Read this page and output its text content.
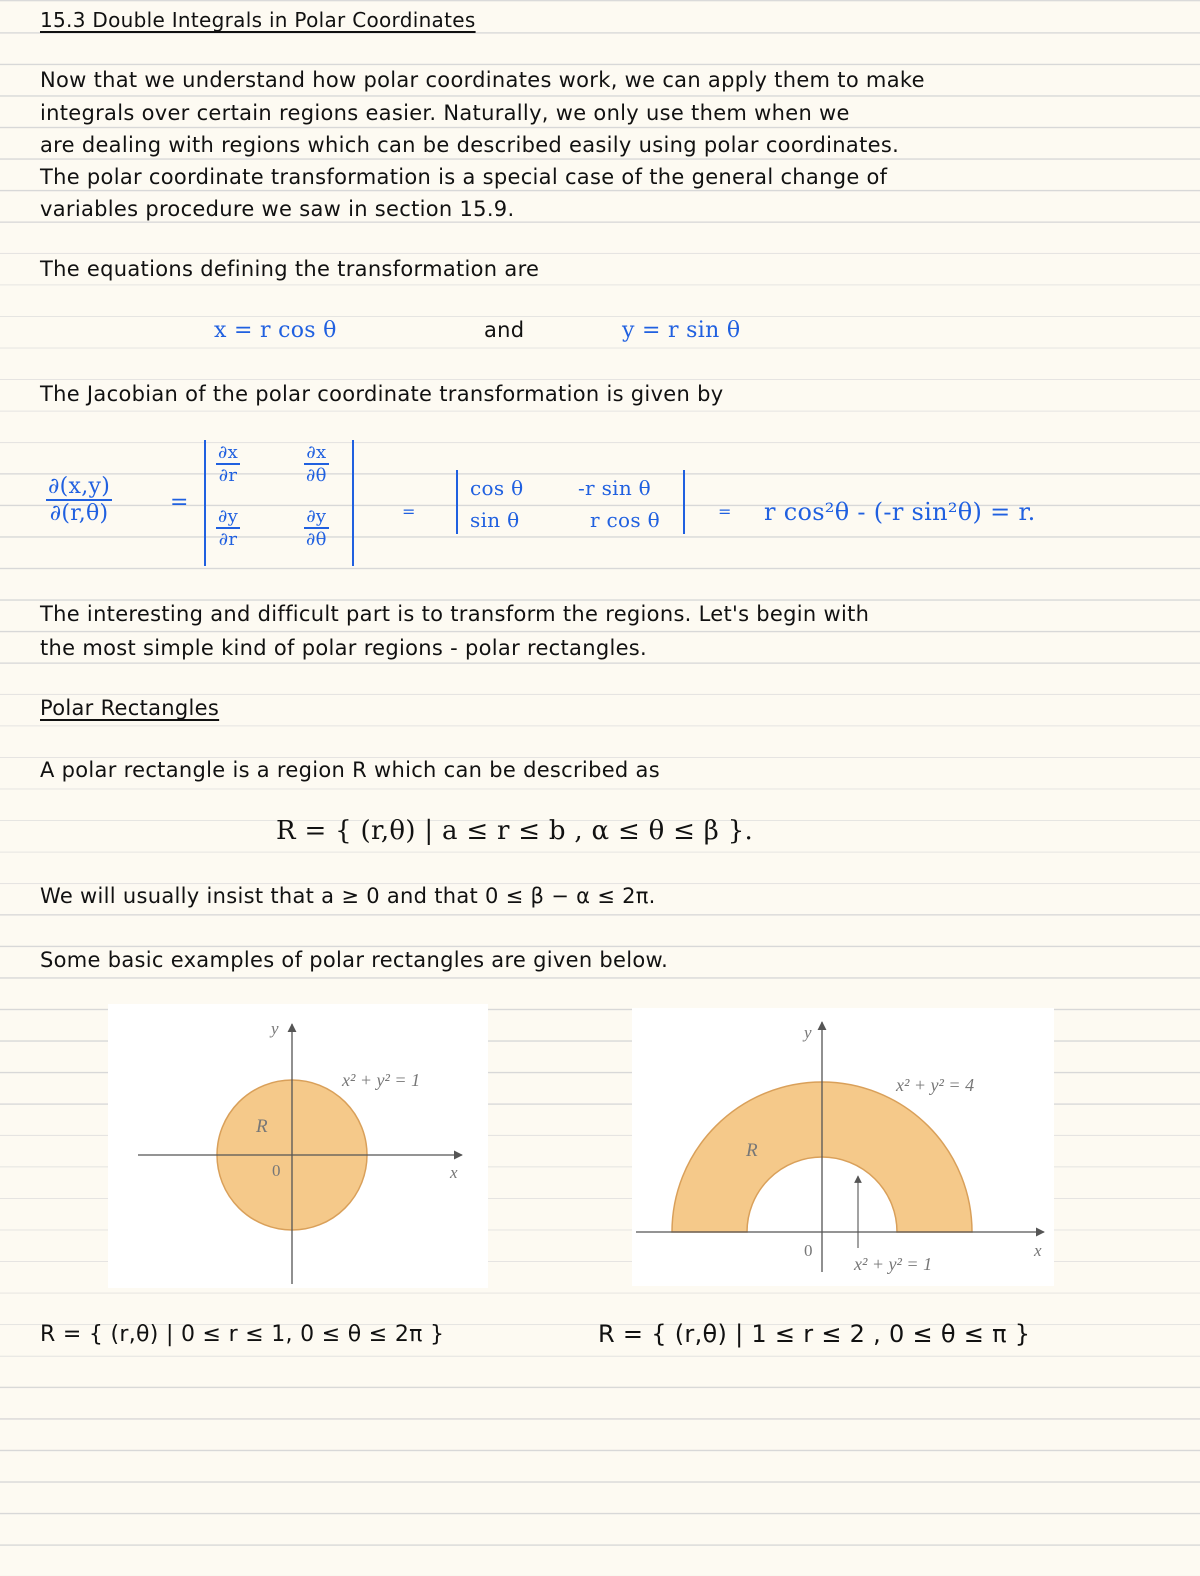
15.3 Double Integrals in Polar Coordinates
Now that we understand how polar coordinates work, we can apply them to make
integrals over certain regions easier. Naturally, we only use them when we
are dealing with regions which can be described easily using polar coordinates.
The polar coordinate transformation is a special case of the general change of
variables procedure we saw in section 15.9.
The equations defining the transformation are
x = r cos θ	and	y = r sin θ
The Jacobian of the polar coordinate transformation is given by
$\frac{\partial(x,y)}{\partial(r,\theta)}$	=
$\frac{\partial x}{\partial r}$	$\frac{\partial x}{\partial\theta}$
$\frac{\partial y}{\partial r}$	$\frac{\partial y}{\partial\theta}$	=
cos θ	-r sin θ
sin θ	r cos θ	= r cos²θ - (-r sin²θ) = r.
The interesting and difficult part is to transform the regions. Let's begin with
the most simple kind of polar regions - polar rectangles.
Polar Rectangles
A polar rectangle is a region R which can be described as
R = { (r,θ) | a ≤ r ≤ b , α ≤ θ ≤ β }.
We will usually insist that a ≥ 0 and that 0 ≤ β − α ≤ 2π.
Some basic examples of polar rectangles are given below.
y
x
0
R
x² + y² = 1
R = { (r,θ) | 0 ≤ r ≤ 1, 0 ≤ θ ≤ 2π }
y
x
0
R
x² + y² = 4
x² + y² = 1
R = { (r,θ) | 1 ≤ r ≤ 2 , 0 ≤ θ ≤ π }
